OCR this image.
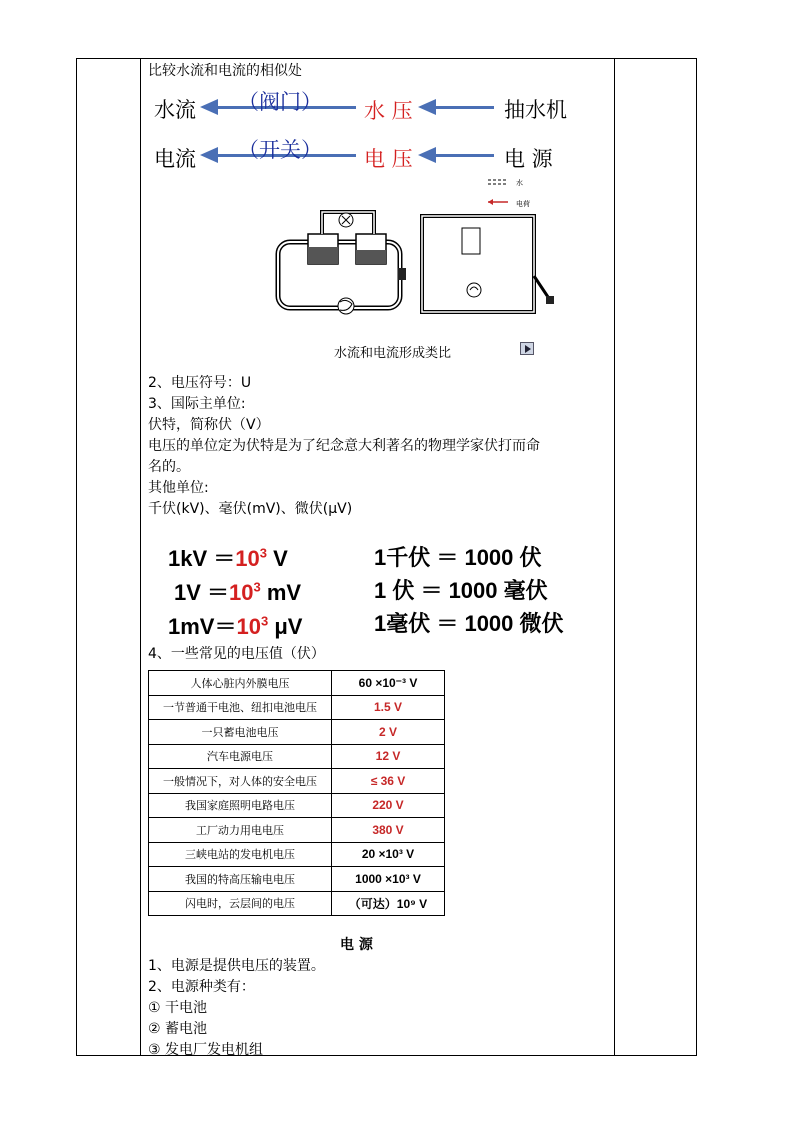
比较水流和电流的相似处
水流 （阀门） 水 压	抽水机
电流 （开关） 电 压	电 源
水
电荷
水流和电流形成类比
2、电压符号：U
3、国际主单位:
伏特，简称伏（V）
电压的单位定为伏特是为了纪念意大利著名的物理学家伏打而命
名的。
其他单位:
千伏(kV)、毫伏(mV)、微伏(μV)
$1kV =10^3$ V
$1V =10^3$ mV
$1mV=10^3$ μV
1千伏 ＝ 1000 伏
1 伏 ＝ 1000 毫伏
1毫伏 ＝ 1000 微伏
4、一些常见的电压值（伏）
人体心脏内外膜电压	60 ×10⁻³ V
一节普通干电池、纽扣电池电压	1.5 V
一只蓄电池电压	2 V
汽车电源电压	12 V
一般情况下，对人体的安全电压	≤ 36 V
我国家庭照明电路电压	220 V
工厂动力用电电压	380 V
三峡电站的发电机电压	20 ×10³ V
我国的特高压输电电压	1000 ×10³ V
闪电时，云层间的电压	（可达）10⁹ V
电 源
1、电源是提供电压的装置。
2、电源种类有：
① 干电池
② 蓄电池
③ 发电厂发电机组
